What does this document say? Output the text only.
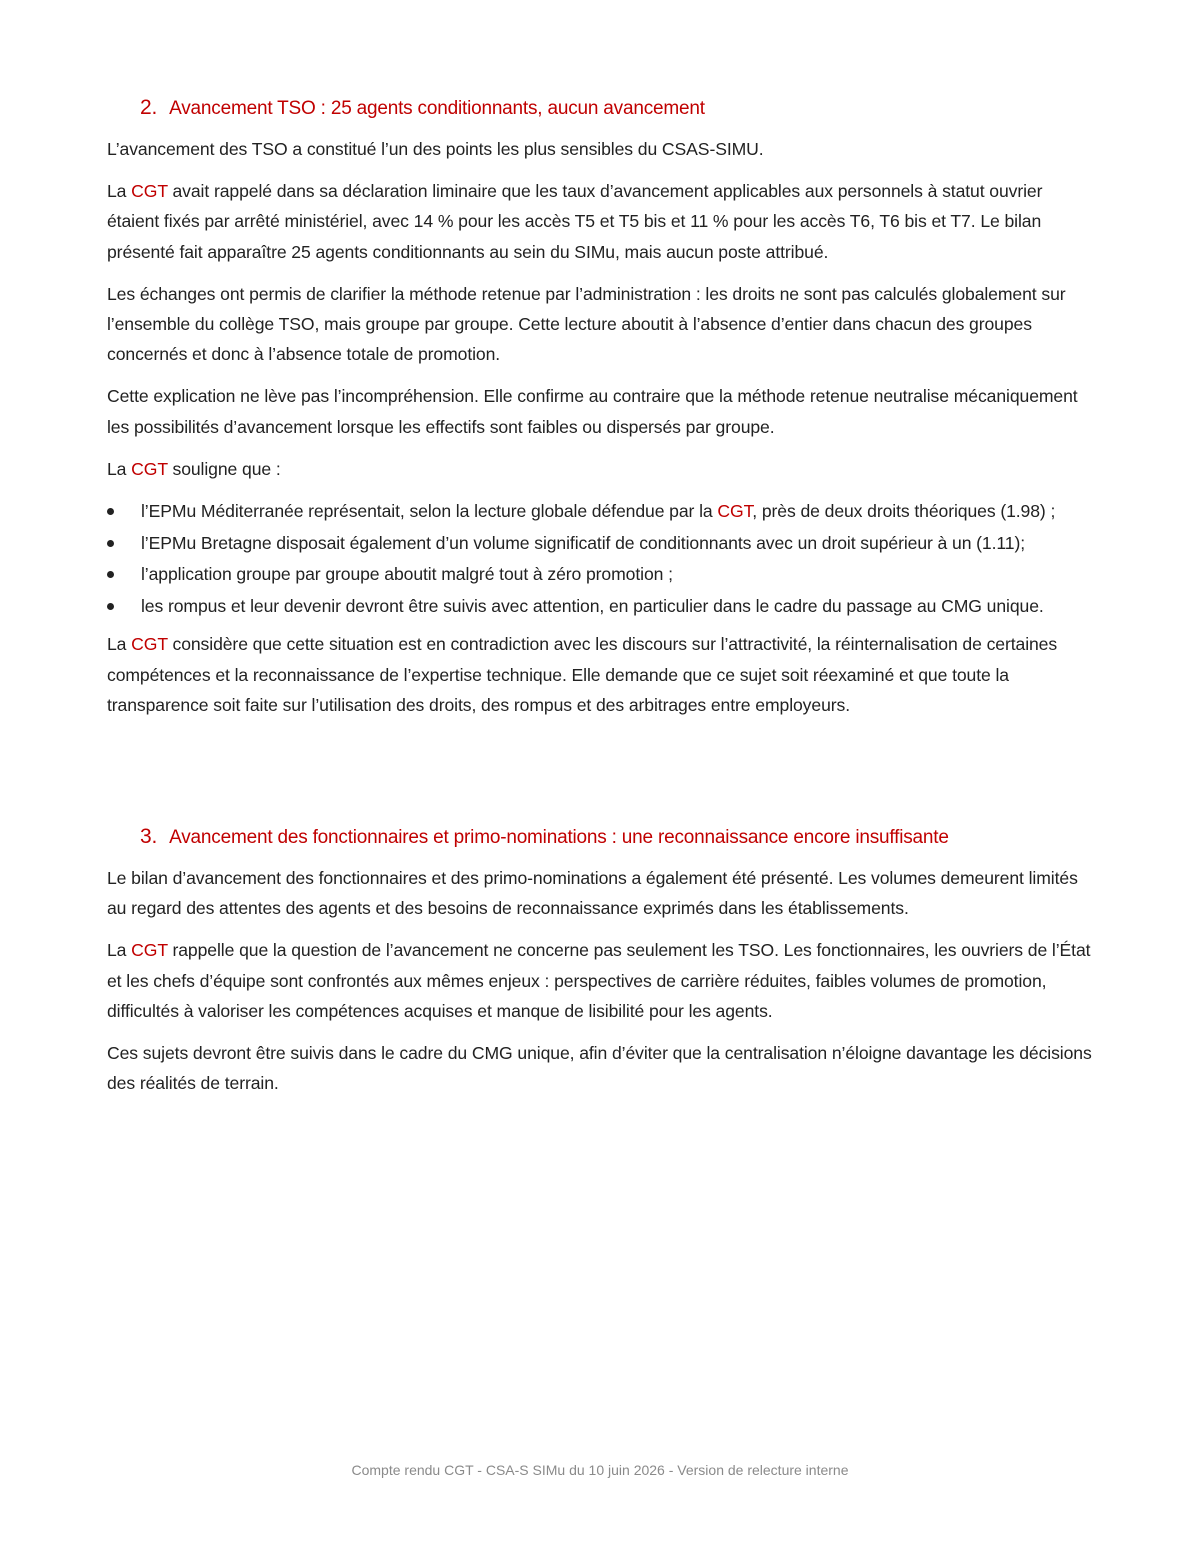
2. Avancement TSO : 25 agents conditionnants, aucun avancement

L’avancement des TSO a constitué l’un des points les plus sensibles du CSAS-SIMU.

La CGT avait rappelé dans sa déclaration liminaire que les taux d’avancement applicables aux personnels à statut ouvrier étaient fixés par arrêté ministériel, avec 14 % pour les accès T5 et T5 bis et 11 % pour les accès T6, T6 bis et T7. Le bilan présenté fait apparaître 25 agents conditionnants au sein du SIMu, mais aucun poste attribué.

Les échanges ont permis de clarifier la méthode retenue par l’administration : les droits ne sont pas calculés globalement sur l’ensemble du collège TSO, mais groupe par groupe. Cette lecture aboutit à l’absence d’entier dans chacun des groupes concernés et donc à l’absence totale de promotion.

Cette explication ne lève pas l’incompréhension. Elle confirme au contraire que la méthode retenue neutralise mécaniquement les possibilités d’avancement lorsque les effectifs sont faibles ou dispersés par groupe.

La CGT souligne que :

l’EPMu Méditerranée représentait, selon la lecture globale défendue par la CGT, près de deux droits théoriques (1.98) ;
l’EPMu Bretagne disposait également d’un volume significatif de conditionnants avec un droit supérieur à un (1.11);
l’application groupe par groupe aboutit malgré tout à zéro promotion ;
les rompus et leur devenir devront être suivis avec attention, en particulier dans le cadre du passage au CMG unique.

La CGT considère que cette situation est en contradiction avec les discours sur l’attractivité, la réinternalisation de certaines compétences et la reconnaissance de l’expertise technique. Elle demande que ce sujet soit réexaminé et que toute la transparence soit faite sur l’utilisation des droits, des rompus et des arbitrages entre employeurs.

3. Avancement des fonctionnaires et primo-nominations : une reconnaissance encore insuffisante

Le bilan d’avancement des fonctionnaires et des primo-nominations a également été présenté. Les volumes demeurent limités au regard des attentes des agents et des besoins de reconnaissance exprimés dans les établissements.

La CGT rappelle que la question de l’avancement ne concerne pas seulement les TSO. Les fonctionnaires, les ouvriers de l’État et les chefs d’équipe sont confrontés aux mêmes enjeux : perspectives de carrière réduites, faibles volumes de promotion, difficultés à valoriser les compétences acquises et manque de lisibilité pour les agents.

Ces sujets devront être suivis dans le cadre du CMG unique, afin d’éviter que la centralisation n’éloigne davantage les décisions des réalités de terrain.

Compte rendu CGT - CSA-S SIMu du 10 juin 2026 - Version de relecture interne
